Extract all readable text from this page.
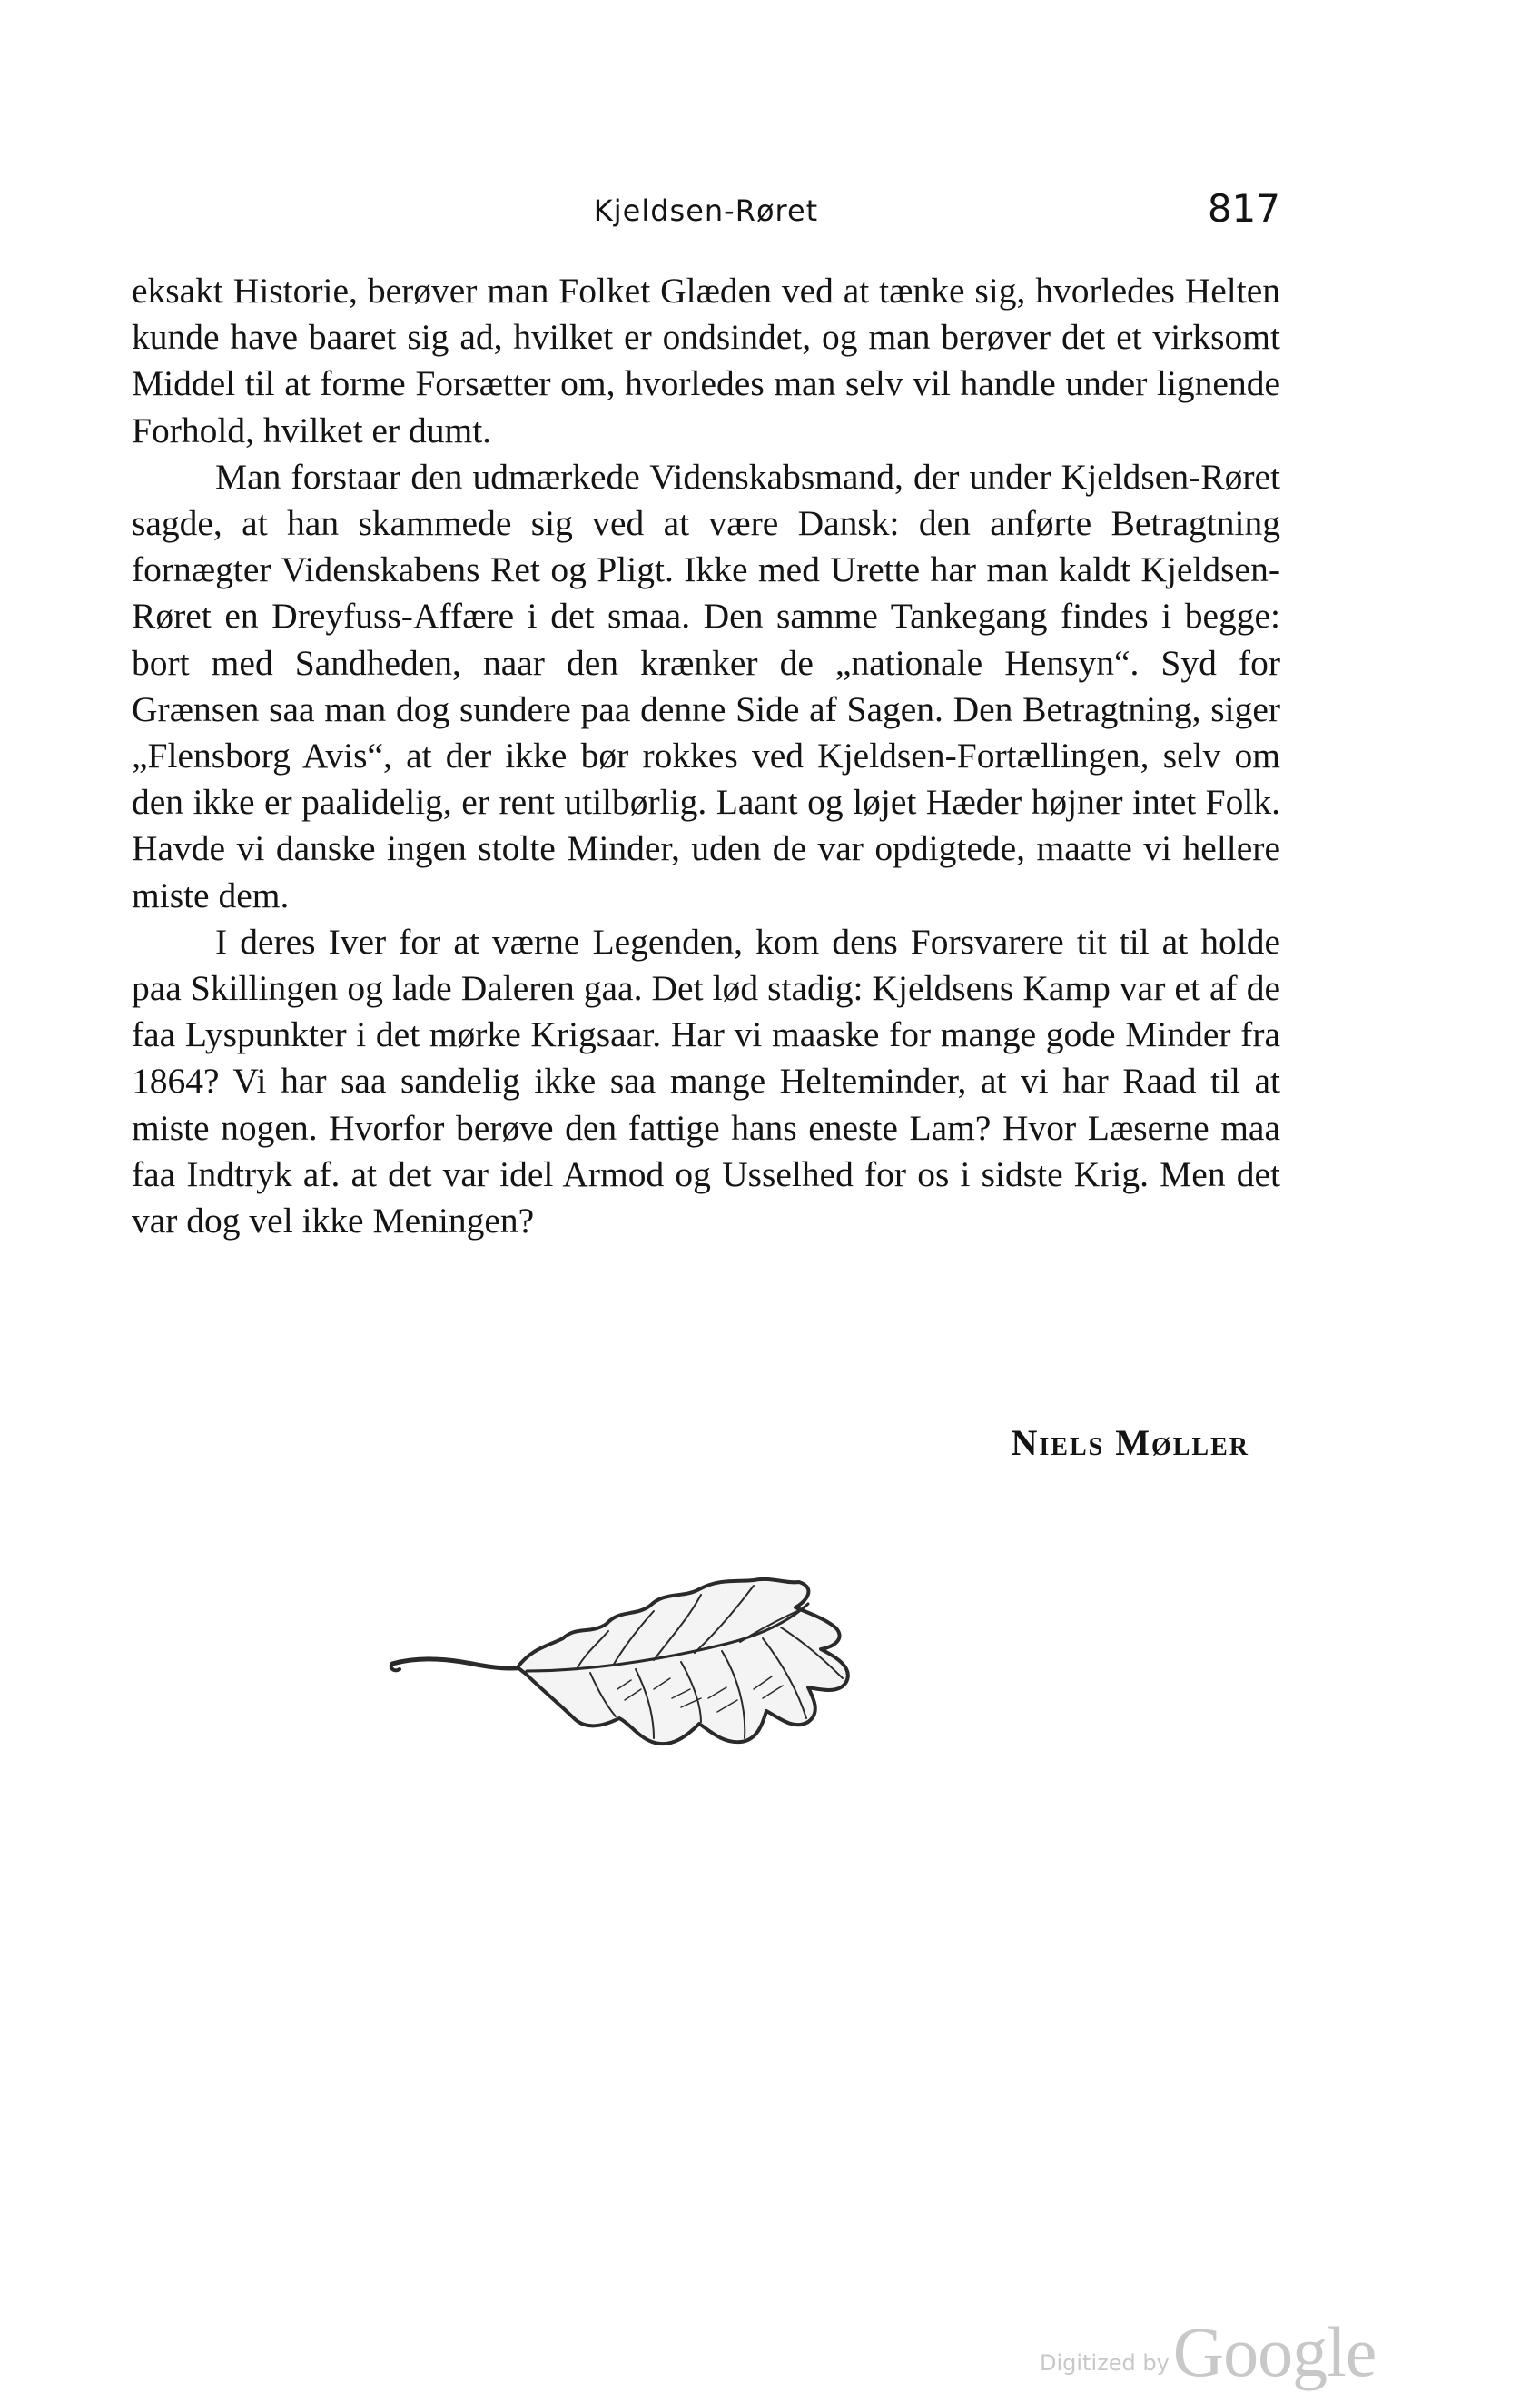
Kjeldsen-Røret	817

eksakt Historie, berøver man Folket Glæden ved at tænke sig, hvorledes Helten kunde have baaret sig ad, hvilket er ondsindet, og man berøver det et virksomt Middel til at forme Forsætter om, hvorledes man selv vil handle under lignende Forhold, hvilket er dumt.

Man forstaar den udmærkede Videnskabsmand, der under Kjeldsen-Røret sagde, at han skammede sig ved at være Dansk: den anførte Betragtning fornægter Videnskabens Ret og Pligt. Ikke med Urette har man kaldt Kjeldsen-Røret en Dreyfuss-Affære i det smaa. Den samme Tankegang findes i begge: bort med Sandheden, naar den krænker de „nationale Hensyn“. Syd for Grænsen saa man dog sundere paa denne Side af Sagen. Den Betragtning, siger „Flensborg Avis“, at der ikke bør rokkes ved Kjeldsen-Fortællingen, selv om den ikke er paalidelig, er rent utilbørlig. Laant og løjet Hæder højner intet Folk. Havde vi danske ingen stolte Minder, uden de var opdigtede, maatte vi hellere miste dem.

I deres Iver for at værne Legenden, kom dens Forsvarere tit til at holde paa Skillingen og lade Daleren gaa. Det lød stadig: Kjeldsens Kamp var et af de faa Lyspunkter i det mørke Krigsaar. Har vi maaske for mange gode Minder fra 1864? Vi har saa sandelig ikke saa mange Helteminder, at vi har Raad til at miste nogen. Hvorfor berøve den fattige hans eneste Lam? Hvor Læserne maa faa Indtryk af. at det var idel Armod og Usselhed for os i sidste Krig. Men det var dog vel ikke Meningen?

Niels Møller
Digitized by Google
